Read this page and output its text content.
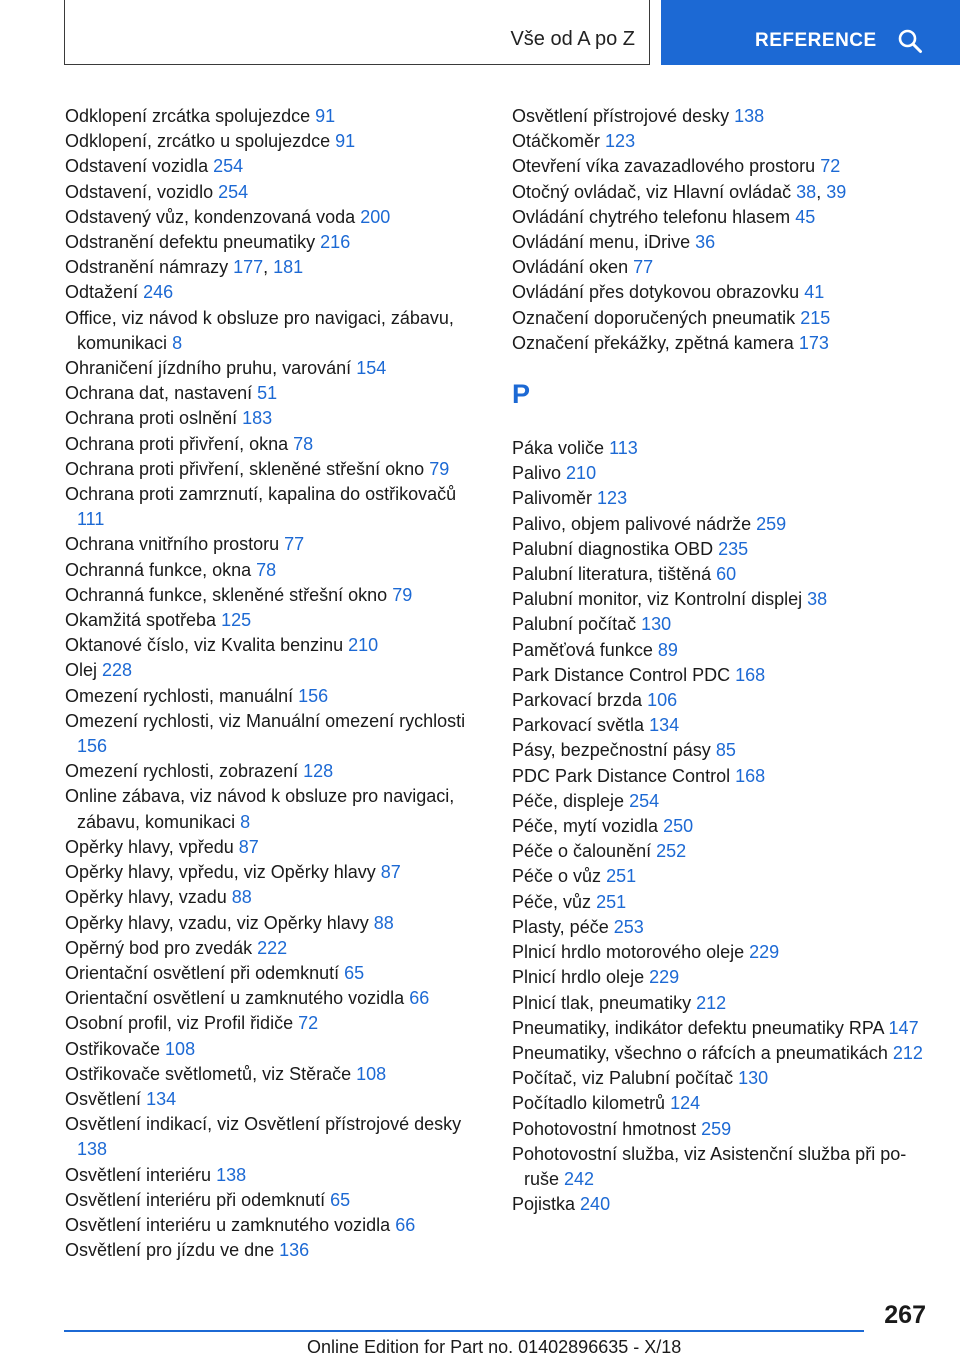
Vše od A po Z	REFERENCE
Odklopení zrcátka spolujezdce 91
Odklopení, zrcátko u spolujezdce 91
Odstavení vozidla 254
Odstavení, vozidlo 254
Odstavený vůz, kondenzovaná voda 200
Odstranění defektu pneumatiky 216
Odstranění námrazy 177, 181
Odtažení 246
Office, viz návod k obsluze pro navigaci, zábavu, komunikaci 8
Ohraničení jízdního pruhu, varování 154
Ochrana dat, nastavení 51
Ochrana proti oslnění 183
Ochrana proti přivření, okna 78
Ochrana proti přivření, skleněné střešní okno 79
Ochrana proti zamrznutí, kapalina do ostřikovačů 111
Ochrana vnitřního prostoru 77
Ochranná funkce, okna 78
Ochranná funkce, skleněné střešní okno 79
Okamžitá spotřeba 125
Oktanové číslo, viz Kvalita benzinu 210
Olej 228
Omezení rychlosti, manuální 156
Omezení rychlosti, viz Manuální omezení rychlosti 156
Omezení rychlosti, zobrazení 128
Online zábava, viz návod k obsluze pro navigaci, zábavu, komunikaci 8
Opěrky hlavy, vpředu 87
Opěrky hlavy, vpředu, viz Opěrky hlavy 87
Opěrky hlavy, vzadu 88
Opěrky hlavy, vzadu, viz Opěrky hlavy 88
Opěrný bod pro zvedák 222
Orientační osvětlení při odemknutí 65
Orientační osvětlení u zamknutého vozidla 66
Osobní profil, viz Profil řidiče 72
Ostřikovače 108
Ostřikovače světlometů, viz Stěrače 108
Osvětlení 134
Osvětlení indikací, viz Osvětlení přístrojové desky 138
Osvětlení interiéru 138
Osvětlení interiéru při odemknutí 65
Osvětlení interiéru u zamknutého vozidla 66
Osvětlení pro jízdu ve dne 136
Osvětlení přístrojové desky 138
Otáčkoměr 123
Otevření víka zavazadlového prostoru 72
Otočný ovládač, viz Hlavní ovládač 38, 39
Ovládání chytrého telefonu hlasem 45
Ovládání menu, iDrive 36
Ovládání oken 77
Ovládání přes dotykovou obrazovku 41
Označení doporučených pneumatik 215
Označení překážky, zpětná kamera 173
P
Páka voliče 113
Palivo 210
Palivoměr 123
Palivo, objem palivové nádrže 259
Palubní diagnostika OBD 235
Palubní literatura, tištěná 60
Palubní monitor, viz Kontrolní displej 38
Palubní počítač 130
Paměťová funkce 89
Park Distance Control PDC 168
Parkovací brzda 106
Parkovací světla 134
Pásy, bezpečnostní pásy 85
PDC Park Distance Control 168
Péče, displeje 254
Péče, mytí vozidla 250
Péče o čalounění 252
Péče o vůz 251
Péče, vůz 251
Plasty, péče 253
Plnicí hrdlo motorového oleje 229
Plnicí hrdlo oleje 229
Plnicí tlak, pneumatiky 212
Pneumatiky, indikátor defektu pneumatiky RPA 147
Pneumatiky, všechno o ráfcích a pneumatikách 212
Počítač, viz Palubní počítač 130
Počítadlo kilometrů 124
Pohotovostní hmotnost 259
Pohotovostní služba, viz Asistenční služba při poruše 242
Pojistka 240
267
Online Edition for Part no. 01402896635 - X/18
